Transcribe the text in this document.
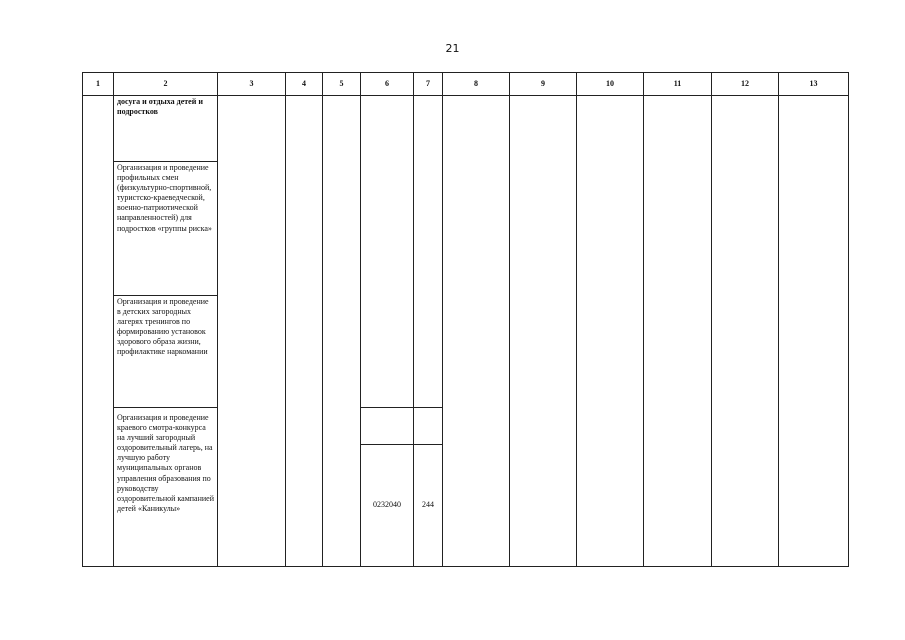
21
1	2	3	4	5	6	7	8	9	10	11	12	13
	досуга и отдыха детей и подростков											
	Организация и проведение профильных смен (физкультурно-спортивной, туристско-краеведческой, военно-патриотической направленностей) для подростков «группы риска»											
	Организация и проведение в детских загородных лагерях тренингов по формированию установок здорового образа жизни, профилактике наркомании											
	Организация и проведение краевого смотра-конкурса на лучший загородный оздоровительный лагерь, на лучшую работу муниципальных органов управления образования по руководству оздоровительной кампанией детей «Каникулы»				0232040	244						
